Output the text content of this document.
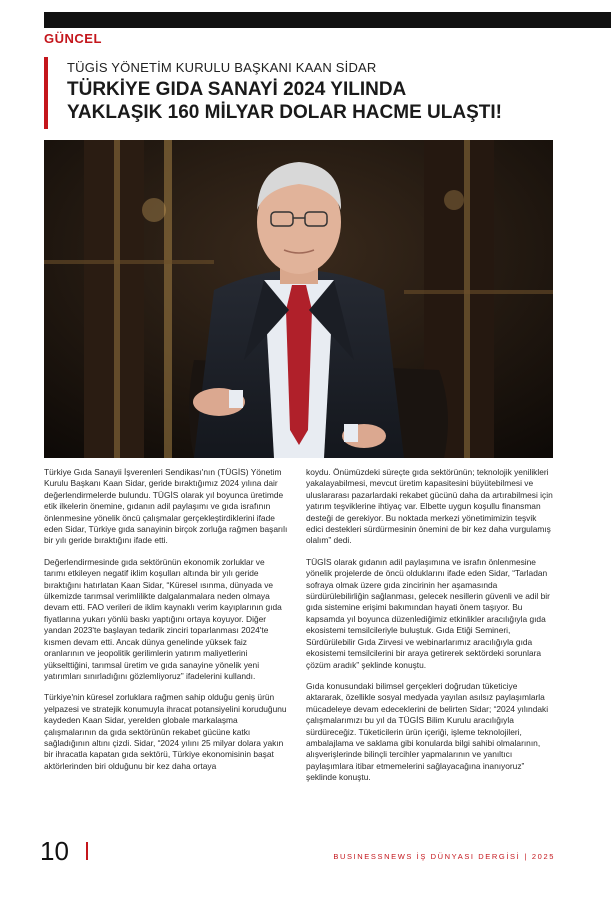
GÜNCEL
TÜGİS YÖNETİM KURULU BAŞKANI KAAN SİDAR
TÜRKİYE GIDA SANAYİ 2024 YILINDA
YAKLAŞIK 160 MİLYAR DOLAR HACME ULAŞTI!

Türkiye Gıda Sanayii İşverenleri Sendikası'nın (TÜGİS) Yönetim Kurulu Başkanı Kaan Sidar, geride bıraktığımız 2024 yılına dair değerlendirmelerde bulundu. TÜGİS olarak yıl boyunca üretimde etik ilkelerin önemine, gıdanın adil paylaşımı ve gıda israfının önlenmesine yönelik öncü çalışmalar gerçekleştirdiklerini ifade eden Sidar, Türkiye gıda sanayinin birçok zorluğa rağmen başarılı bir yılı geride bıraktığını ifade etti.

Değerlendirmesinde gıda sektörünün ekonomik zorluklar ve tarımı etkileyen negatif iklim koşulları altında bir yılı geride bıraktığını hatırlatan Kaan Sidar, “Küresel ısınma, dünyada ve ülkemizde tarımsal verimlilikte dalgalanmalara neden olmaya devam etti. FAO verileri de iklim kaynaklı verim kayıplarının gıda fiyatlarına yukarı yönlü baskı yaptığını ortaya koyuyor. Diğer yandan 2023'te başlayan tedarik zinciri toparlanması 2024'te kısmen devam etti. Ancak dünya genelinde yüksek faiz oranlarının ve jeopolitik gerilimlerin yatırım maliyetlerini yükselttiğini, tarımsal üretim ve gıda sanayine yönelik yeni yatırımları sınırladığını gözlemliyoruz” ifadelerini kullandı.

Türkiye'nin küresel zorluklara rağmen sahip olduğu geniş ürün yelpazesi ve stratejik konumuyla ihracat potansiyelini koruduğunu kaydeden Kaan Sidar, yerelden globale markalaşma çalışmalarının da gıda sektörünün rekabet gücüne katkı sağladığının altını çizdi. Sidar, “2024 yılını 25 milyar dolara yakın bir ihracatla kapatan gıda sektörü, Türkiye ekonomisinin başat aktörlerinden biri olduğunu bir kez daha ortaya

koydu. Önümüzdeki süreçte gıda sektörünün; teknolojik yenilikleri yakalayabilmesi, mevcut üretim kapasitesini büyütebilmesi ve uluslararası pazarlardaki rekabet gücünü daha da artırabilmesi için yatırım teşviklerine ihtiyaç var. Elbette uygun koşullu finansman desteği de gerekiyor. Bu noktada merkezi yönetimimizin teşvik edici destekleri sürdürmesinin önemini de bir kez daha vurgulamış olalım” dedi.

TÜGİS olarak gıdanın adil paylaşımına ve israfın önlenmesine yönelik projelerde de öncü olduklarını ifade eden Sidar, “Tarladan sofraya olmak üzere gıda zincirinin her aşamasında sürdürülebilirliğin sağlanması, gelecek nesillerin güvenli ve adil bir gıda sistemine erişimi bakımından hayati önem taşıyor. Bu kapsamda yıl boyunca düzenlediğimiz etkinlikler aracılığıyla gıda ekosistemi temsilcileriyle buluştuk. Gıda Etiği Semineri, Sürdürülebilir Gıda Zirvesi ve webinarlarımız aracılığıyla gıda ekosistemi temsilcilerini bir araya getirerek sektördeki sorunlara çözüm aradık” şeklinde konuştu.

Gıda konusundaki bilimsel gerçekleri doğrudan tüketiciye aktararak, özellikle sosyal medyada yayılan asılsız paylaşımlarla mücadeleye devam edeceklerini de belirten Sidar; “2024 yılındaki çalışmalarımızı bu yıl da TÜGİS Bilim Kurulu aracılığıyla sürdüreceğiz. Tüketicilerin ürün içeriği, işleme teknolojileri, ambalajlama ve saklama gibi konularda bilgi sahibi olmalarının, alışverişlerinde bilinçli tercihler yapmalarının ve yanıltıcı paylaşımlara itibar etmemelerini sağlayacağına inanıyoruz” şeklinde konuştu.

10	BUSINESSNEWS İŞ DÜNYASI DERGİSİ | 2025
